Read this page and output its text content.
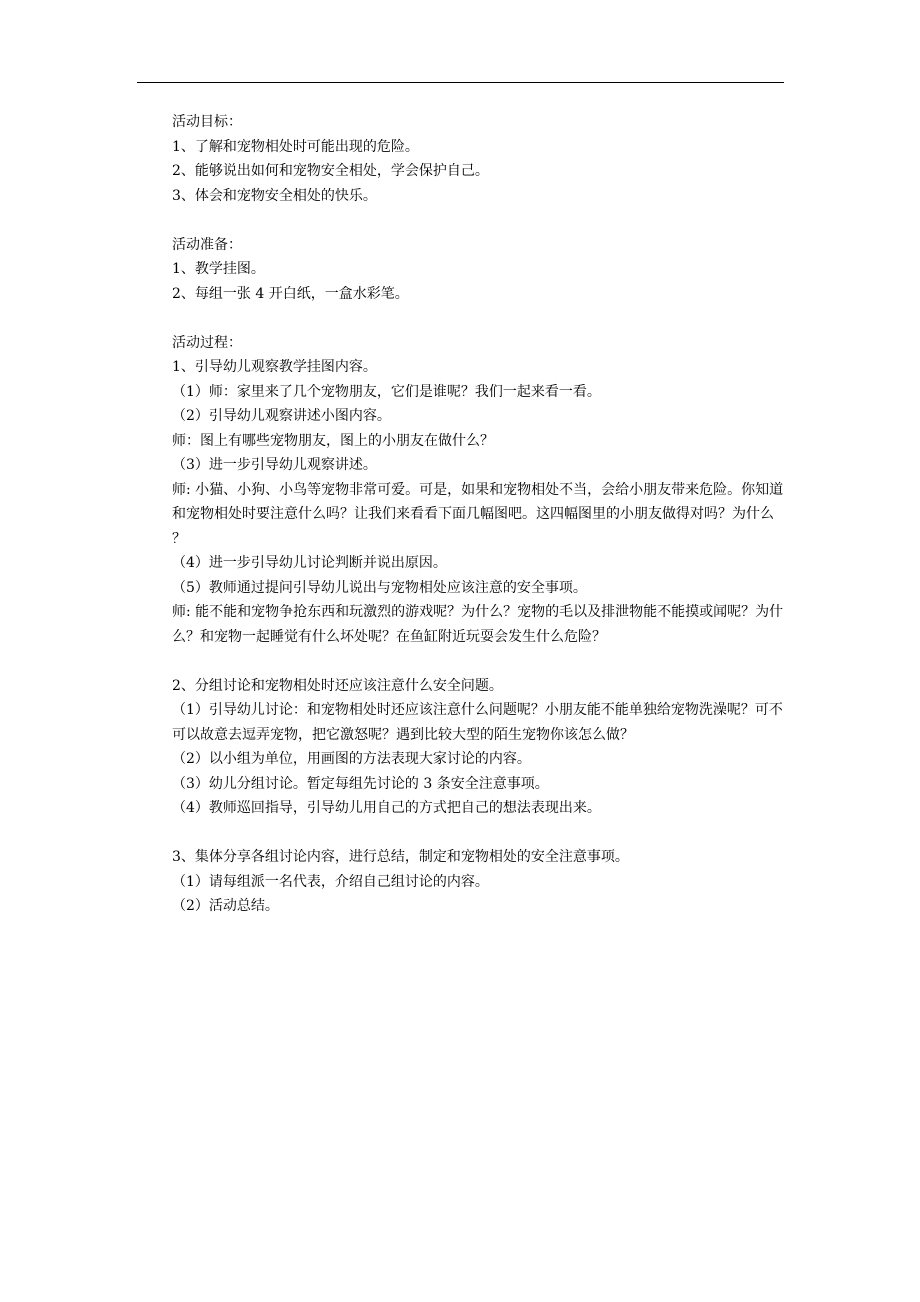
活动目标：
1、了解和宠物相处时可能出现的危险。
2、能够说出如何和宠物安全相处，学会保护自己。
3、体会和宠物安全相处的快乐。
活动准备：
1、教学挂图。
2、每组一张 4 开白纸，一盒水彩笔。
活动过程：
1、引导幼儿观察教学挂图内容。
（1）师：家里来了几个宠物朋友，它们是谁呢？我们一起来看一看。
（2）引导幼儿观察讲述小图内容。
师：图上有哪些宠物朋友，图上的小朋友在做什么？
（3）进一步引导幼儿观察讲述。
师: 小猫、小狗、小鸟等宠物非常可爱。可是，如果和宠物相处不当，会给小朋友带来危险。你知道和宠物相处时要注意什么吗？让我们来看看下面几幅图吧。这四幅图里的小朋友做得对吗？为什么？
（4）进一步引导幼儿讨论判断并说出原因。
（5）教师通过提问引导幼儿说出与宠物相处应该注意的安全事项。
师: 能不能和宠物争抢东西和玩激烈的游戏呢？为什么？宠物的毛以及排泄物能不能摸或闻呢？为什么？和宠物一起睡觉有什么坏处呢？在鱼缸附近玩耍会发生什么危险？
2、分组讨论和宠物相处时还应该注意什么安全问题。
（1）引导幼儿讨论：和宠物相处时还应该注意什么问题呢？小朋友能不能单独给宠物洗澡呢？可不可以故意去逗弄宠物，把它激怒呢？遇到比较大型的陌生宠物你该怎么做？
（2）以小组为单位，用画图的方法表现大家讨论的内容。
（3）幼儿分组讨论。暂定每组先讨论的 3 条安全注意事项。
（4）教师巡回指导，引导幼儿用自己的方式把自己的想法表现出来。
3、集体分享各组讨论内容，进行总结，制定和宠物相处的安全注意事项。
（1）请每组派一名代表，介绍自己组讨论的内容。
（2）活动总结。
